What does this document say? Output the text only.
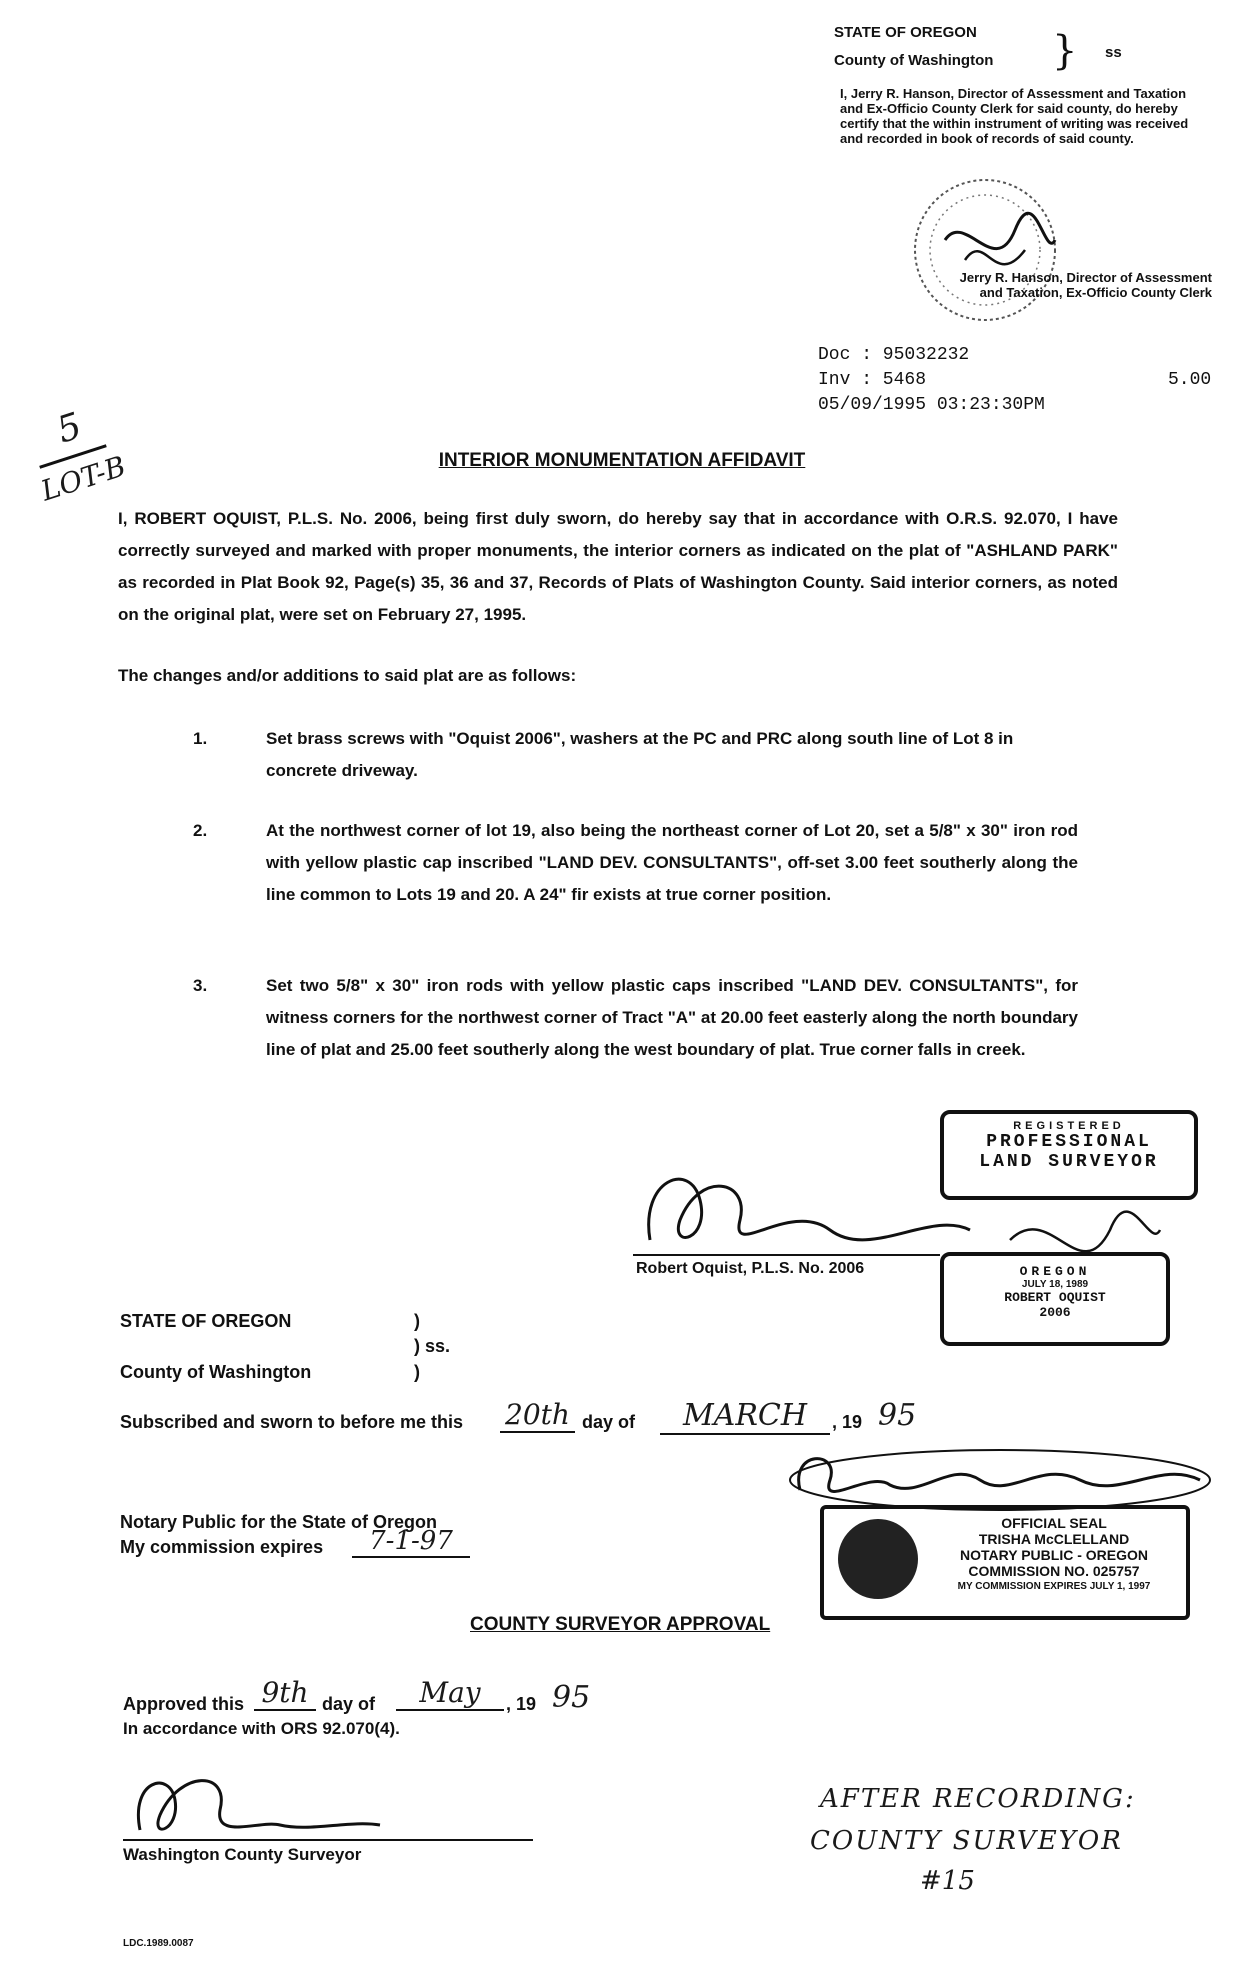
STATE OF OREGON
County of Washington } ss
I, Jerry R. Hanson, Director of Assessment and Taxation and Ex-Officio County Clerk for said county, do hereby certify that the within instrument of writing was received and recorded in book of records of said county.
Jerry R. Hanson, Director of Assessment and Taxation, Ex-Officio County Clerk
Doc : 95032232
Inv : 5468	5.00
05/09/1995 03:23:30PM
5
LOT-B	INTERIOR MONUMENTATION AFFIDAVIT
I, ROBERT OQUIST, P.L.S. No. 2006, being first duly sworn, do hereby say that in accordance with O.R.S. 92.070, I have correctly surveyed and marked with proper monuments, the interior corners as indicated on the plat of "ASHLAND PARK" as recorded in Plat Book 92, Page(s) 35, 36 and 37, Records of Plats of Washington County. Said interior corners, as noted on the original plat, were set on February 27, 1995.
The changes and/or additions to said plat are as follows:
1.	Set brass screws with "Oquist 2006", washers at the PC and PRC along south line of Lot 8 in concrete driveway.
2.	At the northwest corner of lot 19, also being the northeast corner of Lot 20, set a 5/8" x 30" iron rod with yellow plastic cap inscribed "LAND DEV. CONSULTANTS", off-set 3.00 feet southerly along the line common to Lots 19 and 20. A 24" fir exists at true corner position.
3.	Set two 5/8" x 30" iron rods with yellow plastic caps inscribed "LAND DEV. CONSULTANTS", for witness corners for the northwest corner of Tract "A" at 20.00 feet easterly along the north boundary line of plat and 25.00 feet southerly along the west boundary of plat. True corner falls in creek.
REGISTERED
PROFESSIONAL
LAND SURVEYOR
OREGON
JULY 18, 1989
ROBERT OQUIST
2006
Robert Oquist, P.L.S. No. 2006
STATE OF OREGON	)
) ss.
)
County of Washington
Subscribed and sworn to before me this 20th day of	MARCH	, 19 95
Notary Public for the State of Oregon
My commission expires	7-1-97
OFFICIAL SEAL
TRISHA McCLELLAND
NOTARY PUBLIC - OREGON
COMMISSION NO. 025757
MY COMMISSION EXPIRES JULY 1, 1997
COUNTY SURVEYOR APPROVAL
Approved this 9th day of	May	, 19 95
In accordance with ORS 92.070(4).
Washington County Surveyor
AFTER RECORDING:
COUNTY SURVEYOR
#15
LDC.1989.0087
